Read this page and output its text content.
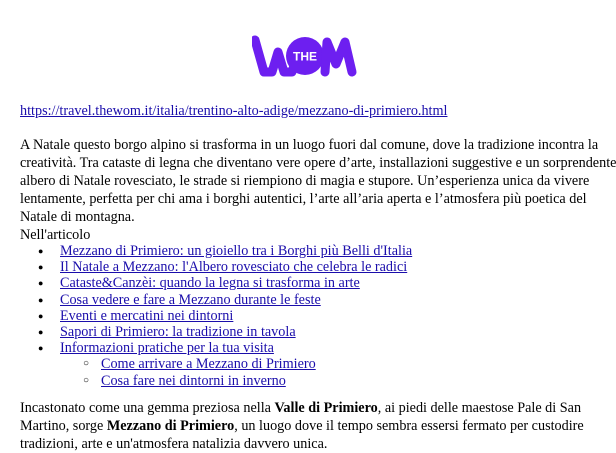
THE
https://travel.thewom.it/italia/trentino-alto-adige/mezzano-di-primiero.html

A Natale questo borgo alpino si trasforma in un luogo fuori dal comune, dove la tradizione incontra la
creatività. Tra cataste di legna che diventano vere opere d’arte, installazioni suggestive e un sorprendente
albero di Natale rovesciato, le strade si riempiono di magia e stupore. Un’esperienza unica da vivere
lentamente, perfetta per chi ama i borghi autentici, l’arte all’aria aperta e l’atmosfera più poetica del
Natale di montagna.

Nell'articolo
● Mezzano di Primiero: un gioiello tra i Borghi più Belli d'Italia
● Il Natale a Mezzano: l'Albero rovesciato che celebra le radici
● Cataste&Canzèi: quando la legna si trasforma in arte
● Cosa vedere e fare a Mezzano durante le feste
● Eventi e mercatini nei dintorni
● Sapori di Primiero: la tradizione in tavola
● Informazioni pratiche per la tua visita
○ Come arrivare a Mezzano di Primiero
○ Cosa fare nei dintorni in inverno
Incastonato come una gemma preziosa nella Valle di Primiero, ai piedi delle maestose Pale di San
Martino, sorge Mezzano di Primiero, un luogo dove il tempo sembra essersi fermato per custodire
tradizioni, arte e un'atmosfera natalizia davvero unica.
